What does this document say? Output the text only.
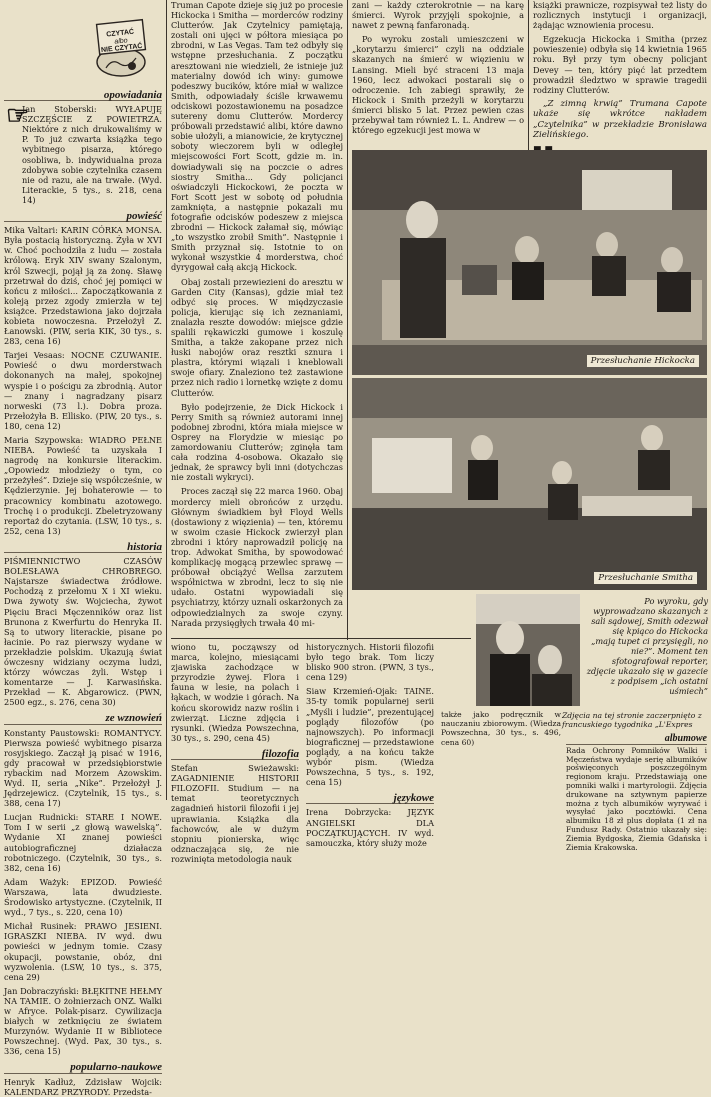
CZYTAĆ
albo
NIE CZYTAĆ
opowiadania
☞

Jan Stoberski: WYŁAPUJĘ SZCZĘŚCIE Z POWIETRZA. Niektóre z nich drukowaliśmy w P. To już czwarta książka tego wybitnego pisarza, którego osobliwa, b. indywidualna proza zdobywa sobie czytelnika czasem nie od razu, ale na trwałe. (Wyd. Literackie, 5 tys., s. 218, cena 14)

powieść

Mika Valtari: KARIN CÓRKA MONSA. Była postacią historyczną. Żyła w XVI w. Choć pochodziła z ludu — została królową. Eryk XIV swany Szalonym, król Szwecji, pojął ją za żonę. Sławę przetrwał do dziś, choć jej pomięci w końcu z miłości... Zapoczątkowania z koleją przez zgody zmierzła w tej książce. Przedstawiona jako dojrzała kobieta nowoczesna. Przełożył Z. Łanowski. (PIW, seria KIK, 30 tys., s. 283, cena 16)

Tarjei Vesaas: NOCNE CZUWANIE. Powieść o dwu morderstwach dokonanych na małej, spokojnej wyspie i o pościgu za zbrodnią. Autor — znany i nagradzany pisarz norweski (73 l.). Dobra proza. Przełożyła B. Ellisko. (PIW, 20 tys., s. 180, cena 12)

Maria Szypowska: WIADRO PEŁNE NIEBA. Powieść ta uzyskała I nagrodę na konkursie literackim. „Opowiedz młodzieży o tym, co przeżyłeś”. Dzieje się współcześnie, w Kędzierzynie. Jej bohaterowie — to pracownicy kombinatu azotowego. Trochę i o produkcji. Zbeletryzowany reportaż do czytania. (LSW, 10 tys., s. 252, cena 13)

historia

PIŚMIENNICTWO CZASÓW BOLESŁAWA CHROBREGO. Najstarsze świadectwa źródłowe. Pochodzą z przełomu X i XI wieku. Dwa żywoty św. Wojciecha, żywot Pięciu Braci Męczenników oraz list Brunona z Kwerfurtu do Henryka II. Są to utwory literackie, pisane po łacinie. Po raz pierwszy wydane w przekładzie polskim. Ukazują świat ówczesny widziany oczyma ludzi, którzy wówczas żyli. Wstęp i komentarze — J. Karwasińska. Przekład — K. Abgarowicz. (PWN, 2500 egz., s. 276, cena 30)

ze wznowień

Konstanty Paustowski: ROMANTYCY. Pierwsza powieść wybitnego pisarza rosyjskiego. Zaczął ją pisać w 1916, gdy pracował w przedsiębiorstwie rybackim nad Morzem Azowskim. Wyd. II, seria „Nike”. Przełożył J. Jędrzejewicz. (Czytelnik, 15 tys., s. 388, cena 17)

Lucjan Rudnicki: STARE I NOWE. Tom I w serii „z głową wawelską”. Wydanie XI znanej powieści autobiograficznej działacza robotniczego. (Czytelnik, 30 tys., s. 382, cena 16)

Adam Ważyk: EPIZOD. Powieść Warszawa, lata dwudzieste. Środowisko artystyczne. (Czytelnik, II wyd., 7 tys., s. 220, cena 10)

Michał Rusinek: PRAWO JESIENI. IGRASZKI NIEBA. IV wyd. dwu powieści w jednym tomie. Czasy okupacji, powstanie, obóz, dni wyzwolenia. (LSW, 10 tys., s. 375, cena 29)

Jan Dobraczyński: BŁĘKITNE HEŁMY NA TAMIE. O żołnierzach ONZ. Walki w Afryce. Polak-pisarz. Cywilizacja białych w zetknięciu ze światem Murzynów. Wydanie II w Bibliotece Powszechnej. (Wyd. Pax, 30 tys., s. 336, cena 15)

popularno-naukowe

Henryk Kadłuż, Zdzisław Wojcik: KALENDARZ PRZYRODY. Przedsta-

Truman Capote dzieje się już po procesie Hickocka i Smitha — morderców rodziny Clutterów. Jak Czytelnicy pamiętają, zostali oni ujęci w półtora miesiąca po zbrodni, w Las Vegas. Tam też odbyły się wstępne przesłuchania. Z początku aresztowani nie wiedzieli, że istnieje już materialny dowód ich winy: gumowe podeszwy bucików, które miał w walizce Smith, odpowiadały ściśle krwawemu odciskowi pozostawionemu na posadzce sutereny domu Clutterów. Mordercy próbowali przedstawić alibi, które dawno sobie ułożyli, a mianowicie, że krytycznej soboty wieczorem byli w odległej miejscowości Fort Scott, gdzie m. in. dowiadywali się na poczcie o adres siostry Smitha... Gdy policjanci oświadczyli Hickockowi, że poczta w Fort Scott jest w sobotę od południa zamknięta, a następnie pokazali mu fotografie odcisków podeszew z miejsca zbrodni — Hickock załamał się, mówiąc „to wszystko zrobił Smith”. Następnie i Smith przyznał się. Istotnie to on wykonał wszystkie 4 morderstwa, choć dyrygował całą akcją Hickock.

Obaj zostali przewiezieni do aresztu w Garden City (Kansas), gdzie miał też odbyć się proces. W międzyczasie policja, kierując się ich zeznaniami, znalazła reszte dowodów: miejsce gdzie spalili rękawiczki gumowe i koszulę Smitha, a także zakopane przez nich łuski nabojów oraz resztki sznura i plastra, którymi wiązali i kneblowali swoje ofiary. Znaleziono też zastawione przez nich radio i lornetkę wzięte z domu Clutterów.

Było podejrzenie, że Dick Hickock i Perry Smith są również autorami innej podobnej zbrodni, która miała miejsce w Osprey na Florydzie w miesiąc po zamordowaniu Clutterów; zginęła tam cała rodzina 4-osobowa. Okazało się jednak, że sprawcy byli inni (dotychczas nie zostali wykryci).

Proces zaczął się 22 marca 1960. Obaj mordercy mieli obrońców z urzędu. Głównym świadkiem był Floyd Wells (dostawiony z więzienia) — ten, któremu w swoim czasie Hickock zwierzył plan zbrodni i który naprowadził policję na trop. Adwokat Smitha, by spowodować komplikację mogącą przewlec sprawę — próbował obciążyć Wellsa zarzutem współnictwa w zbrodni, lecz to się nie udało. Ostatni wypowiadali się psychiatrzy, którzy uznali oskarżonych za odpowiedzialnych za swoje czyny. Narada przysięgłych trwała 40 mi-

zani — każdy czterokrotnie — na karę śmierci. Wyrok przyjęli spokojnie, a nawet z pewną fanfaronadą.

Po wyroku zostali umieszczeni w „korytarzu śmierci” czyli na oddziale skazanych na śmierć w więzieniu w Lansing. Mieli być straceni 13 maja 1960, lecz adwokaci postarali się o odroczenie. Ich zabiegi sprawiły, że Hickock i Smith przeżyli w korytarzu śmierci blisko 5 lat. Przez pewien czas przebywał tam również L. L. Andrew — o którego egzekucji jest mowa w

książki prawnicze, rozpisywał też listy do rozlicznych instytucji i organizacji, żądając wznowienia procesu.

Egzekucja Hickocka i Smitha (przez powieszenie) odbyła się 14 kwietnia 1965 roku. Był przy tym obecny policjant Devey — ten, który pięć lat przedtem prowadził śledztwo w sprawie tragedii rodziny Clutterów.

„Z zimną krwią” Trumana Capote ukaże się wkrótce nakładem „Czytelnika” w przekładzie Bronisława Zielińskiego.

Przesłuchanie Hickocka
Przesłuchanie Smitha
Po wyroku, gdy wyprowadzano skazanych z sali sądowej, Smith odezwał się kpiąco do Hickocka „mają tupet ci przysięgli, no nie?”. Moment ten sfotografował reporter, zdjęcie ukazało się w gazecie z podpisem „ich ostatni uśmiech”
Zdjęcia na tej stronie zaczerpnięto z francuskiego tygodnika „L'Expres

wiono tu, począwszy od marca, kolejno, miesiącami zjawiska zachodzące w przyrodzie żywej. Flora i fauna w lesie, na polach i łąkach, w wodzie i górach. Na końcu skorowidz nazw roślin i zwierząt. Liczne zdjęcia i rysunki. (Wiedza Powszechna, 30 tys., s. 290, cena 45)

filozofia

Stefan Swieżawski: ZAGADNIENIE HISTORII FILOZOFII. Studium — na temat teoretycznych zagadnień historii filozofii i jej uprawiania. Książka dla fachowców, ale w dużym stopniu pionierska, więc odznaczająca się, że nie rozwinięta metodologia nauk

historycznych. Historii filozofii było tego brak. Tom liczy blisko 900 stron. (PWN, 3 tys., cena 129)

Siaw Krzemień-Ojak: TAINE. 35-ty tomik popularnej serii „Myśli i ludzie”, prezentującej poglądy filozofów (po najnowszych). Po informacji biograficznej — przedstawione poglądy, a na końcu także wybór pism. (Wiedza Powszechna, 5 tys., s. 192, cena 15)

językowe

Irena Dobrzycka: JĘZYK ANGIELSKI DLA POCZĄTKUJĄCYCH. IV wyd. samouczka, który służy może

także jako podręcznik w nauczaniu zbiorowym. (Wiedza Powszechna, 30 tys., s. 496, cena 60)	albumowe

Rada Ochrony Pomników Walki i Męczeństwa wydaje serię albumików poświęconych poszczególnym regionom kraju. Przedstawiają one pomniki walki i martyrologii. Zdjęcia drukowane na sztywnym papierze można z tych albumików wyrywać i wysyłać jako pocztówki. Cena albumiku 18 zł plus dopłata (1 zł na Fundusz Rady. Ostatnio ukazały się: Ziemia Bydgoska, Ziemia Gdańska i Ziemia Krakowska.
